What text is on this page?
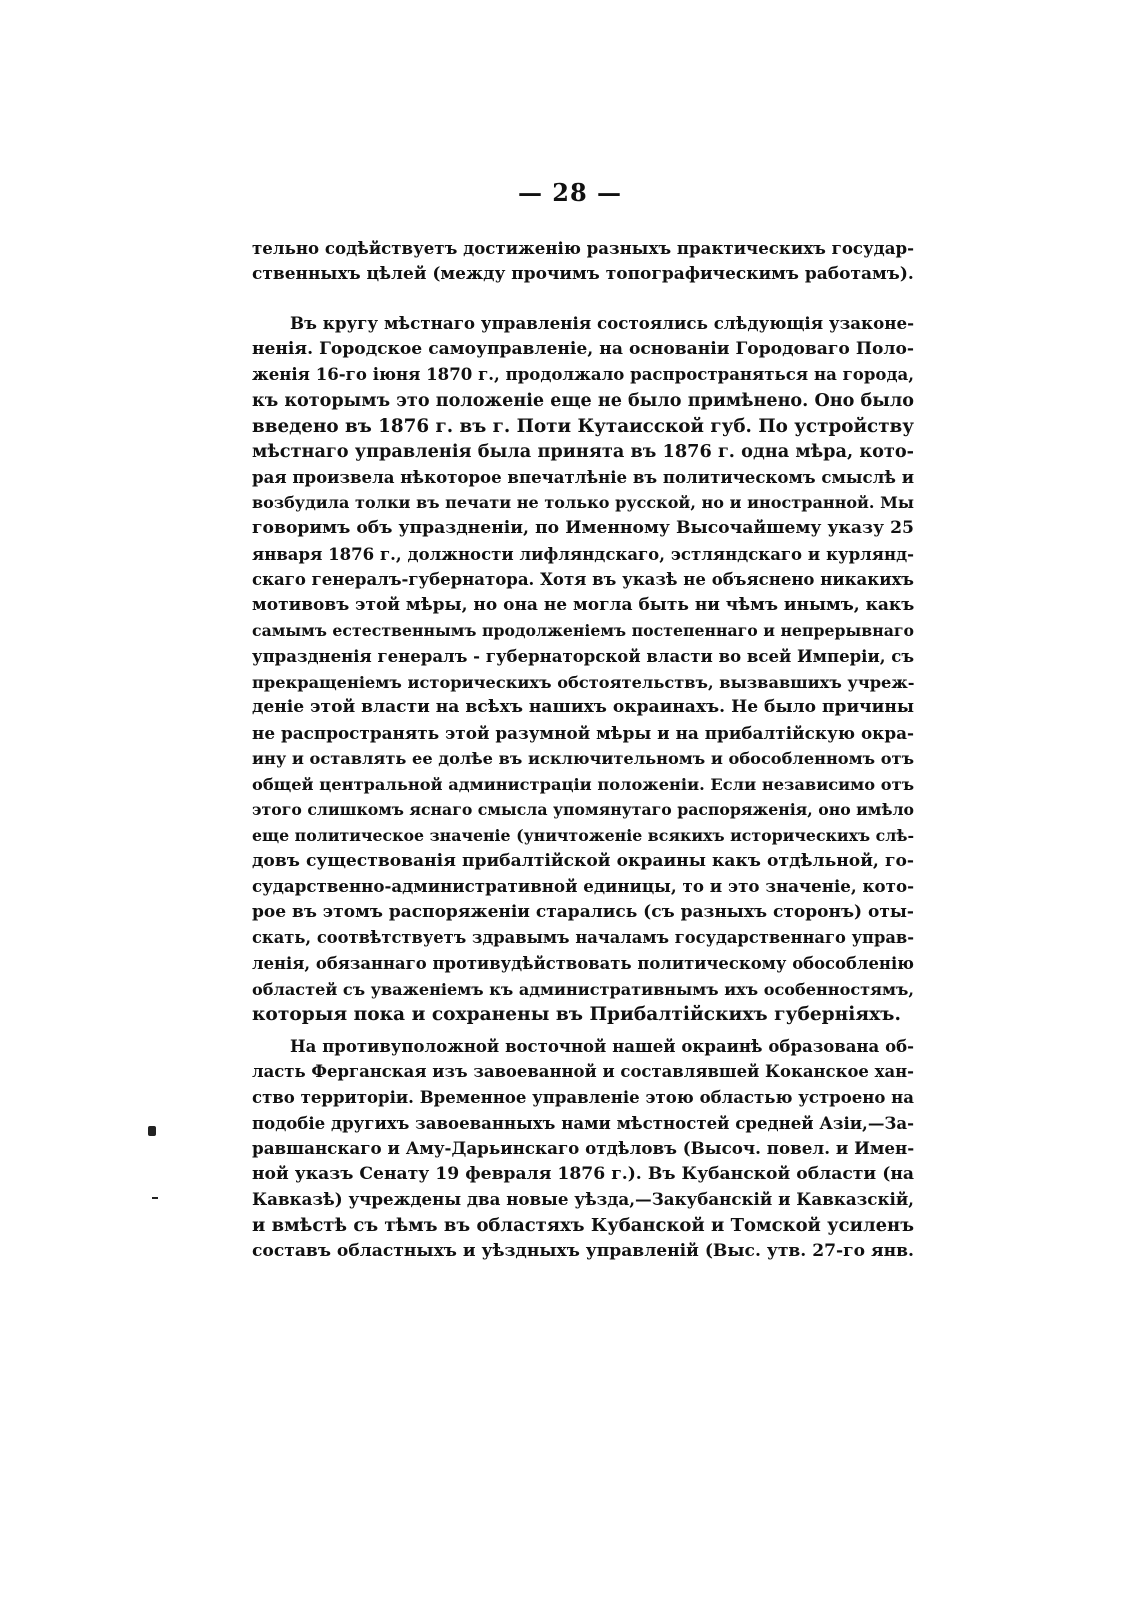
— 28 —
тельно содѣйствуетъ достиженію разныхъ практическихъ государ-
ственныхъ цѣлей (между прочимъ топографическимъ работамъ).
Въ кругу мѣстнаго управленія состоялись слѣдующія узаконе-
ненія. Городское самоуправленіе, на основаніи Городоваго Поло-
женія 16-го іюня 1870 г., продолжало распространяться на города,
къ которымъ это положеніе еще не было примѣнено. Оно было
введено въ 1876 г. въ г. Поти Кутаисской губ. По устройству
мѣстнаго управленія была принята въ 1876 г. одна мѣра, кото-
рая произвела нѣкоторое впечатлѣніе въ политическомъ смыслѣ и
возбудила толки въ печати не только русской, но и иностранной. Мы
говоримъ объ упраздненіи, по Именному Высочайшему указу 25
января 1876 г., должности лифляндскаго, эстляндскаго и курлянд-
скаго генералъ-губернатора. Хотя въ указѣ не объяснено никакихъ
мотивовъ этой мѣры, но она не могла быть ни чѣмъ инымъ, какъ
самымъ естественнымъ продолженіемъ постепеннаго и непрерывнаго
упраздненія генералъ - губернаторской власти во всей Имперіи, съ
прекращеніемъ историческихъ обстоятельствъ, вызвавшихъ учреж-
деніе этой власти на всѣхъ нашихъ окраинахъ. Не было причины
не распространять этой разумной мѣры и на прибалтійскую окра-
ину и оставлять ее долѣе въ исключительномъ и обособленномъ отъ
общей центральной администраціи положеніи. Если независимо отъ
этого слишкомъ яснаго смысла упомянутаго распоряженія, оно имѣло
еще политическое значеніе (уничтоженіе всякихъ историческихъ слѣ-
довъ существованія прибалтійской окраины какъ отдѣльной, го-
сударственно-административной единицы, то и это значеніе, кото-
рое въ этомъ распоряженіи старались (съ разныхъ сторонъ) оты-
скать, соотвѣтствуетъ здравымъ началамъ государственнаго управ-
ленія, обязаннаго противудѣйствовать политическому обособленію
областей съ уваженіемъ къ административнымъ ихъ особенностямъ,
которыя пока и сохранены въ Прибалтійскихъ губерніяхъ.
На противуположной восточной нашей окраинѣ образована об-
ласть Ферганская изъ завоеванной и составлявшей Коканское хан-
ство территоріи. Временное управленіе этою областью устроено на
подобіе другихъ завоеванныхъ нами мѣстностей средней Азіи,—За-
равшанскаго и Аму-Дарьинскаго отдѣловъ (Высоч. повел. и Имен-
ной указъ Сенату 19 февраля 1876 г.). Въ Кубанской области (на
Кавказѣ) учреждены два новые уѣзда,—Закубанскій и Кавказскій,
и вмѣстѣ съ тѣмъ въ областяхъ Кубанской и Томской усиленъ
составъ областныхъ и уѣздныхъ управленій (Выс. утв. 27-го янв.
